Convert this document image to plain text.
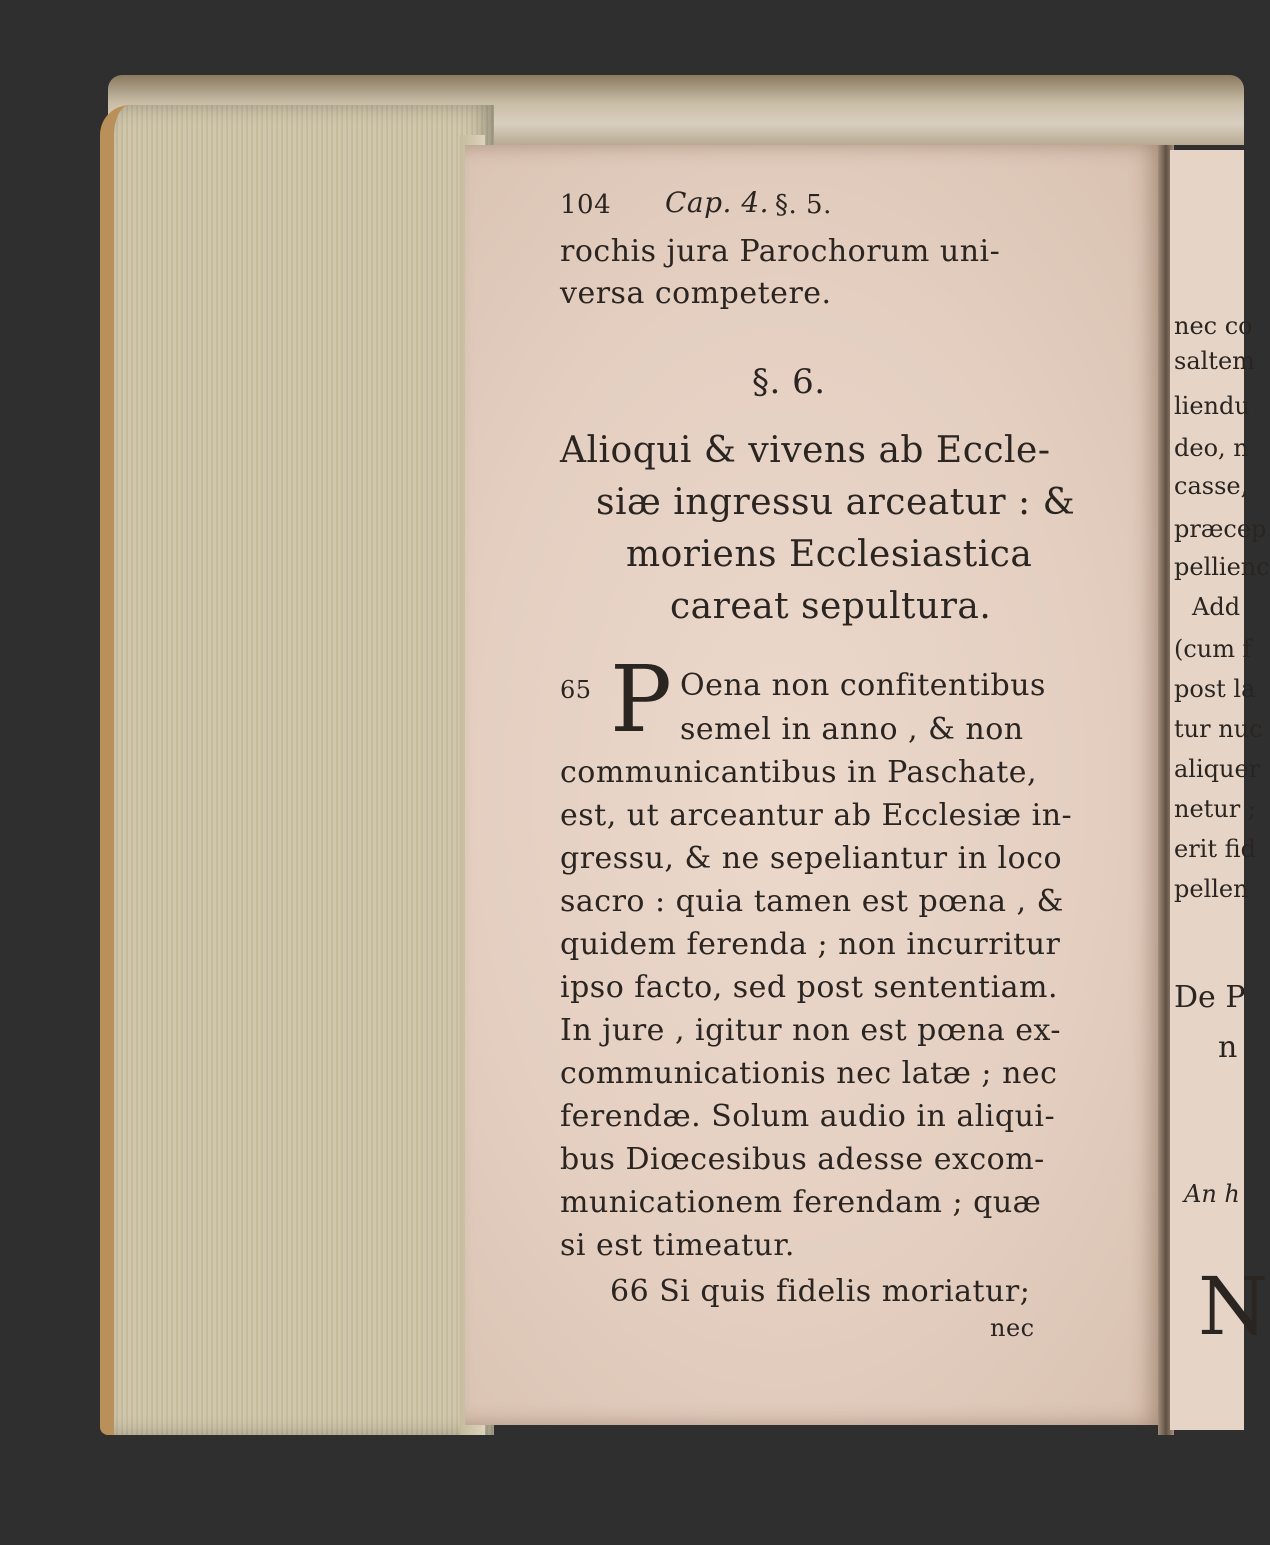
nec co
saltem
liendu
deo, n
casse,
præcep
pellienc
Add
(cum f
post la
tur nuc
aliquer
netur ;
erit fid
pellen
De P
n
An h
N
104 Cap. 4. §. 5.
rochis jura Parochorum uni-
versa competere.
§. 6.
Alioqui & vivens ab Eccle-
siæ ingressu arceatur : &
moriens Ecclesiastica
careat sepultura.
65 P Oena non confitentibus
semel in anno , & non
communicantibus in Paschate,
est, ut arceantur ab Ecclesiæ in-
gressu, & ne sepeliantur in loco
sacro : quia tamen est pœna , &
quidem ferenda ; non incurritur
ipso facto, sed post sententiam.
In jure , igitur non est pœna ex-
communicationis nec latæ ; nec
ferendæ. Solum audio in aliqui-
bus Diœcesibus adesse excom-
municationem ferendam ; quæ
si est timeatur.
66 Si quis fidelis moriatur;
nec
